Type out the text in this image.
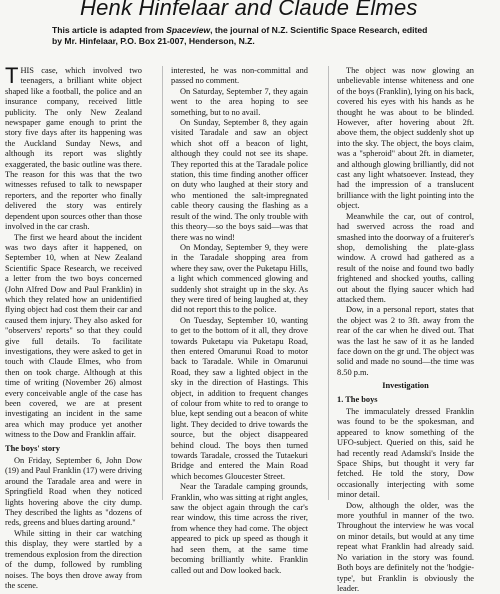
Henk Hinfelaar and Claude Elmes

This article is adapted from Spaceview, the journal of N.Z. Scientific Space Research, edited by Mr. Hinfelaar, P.O. Box 21-007, Henderson, N.Z.

THIS case, which involved two teenagers, a brilliant white object shaped like a football, the police and an insurance company, received little publicity. The only New Zealand newspaper game enough to print the story five days after its happening was the Auckland Sunday News, and although its report was slightly exaggerated, the basic outline was there. The reason for this was that the two witnesses refused to talk to newspaper reporters, and the reporter who finally delivered the story was entirely dependent upon sources other than those involved in the car crash.

The first we heard about the incident was two days after it happened, on September 10, when at New Zealand Scientific Space Research, we received a letter from the two boys concerned (John Alfred Dow and Paul Franklin) in which they related how an unidentified flying object had cost them their car and caused them injury. They also asked for "observers' reports" so that they could give full details. To facilitate investigations, they were asked to get in touch with Claude Elmes, who from then on took charge. Although at this time of writing (November 26) almost every conceivable angle of the case has been covered, we are at present investigating an incident in the same area which may produce yet another witness to the Dow and Franklin affair.

The boys' story

On Friday, September 6, John Dow (19) and Paul Franklin (17) were driving around the Taradale area and were in Springfield Road when they noticed lights hovering above the city dump. They described the lights as "dozens of reds, greens and blues darting around."

While sitting in their car watching this display, they were startled by a tremendous explosion from the direction of the dump, followed by rumbling noises. The boys then drove away from the scene.

interested, he was non-committal and passed no comment.

On Saturday, September 7, they again went to the area hoping to see something, but to no avail.

On Sunday, September 8, they again visited Taradale and saw an object which shot off a beacon of light, although they could not see its shape. They reported this at the Taradale police station, this time finding another officer on duty who laughed at their story and who mentioned the salt-impregnated cable theory causing the flashing as a result of the wind. The only trouble with this theory—so the boys said—was that there was no wind!

On Monday, September 9, they were in the Taradale shopping area from where they saw, over the Puketapu Hills, a light which commenced glowing and suddenly shot straight up in the sky. As they were tired of being laughed at, they did not report this to the police.

On Tuesday, September 10, wanting to get to the bottom of it all, they drove towards Puketapu via Puketapu Road, then entered Omarunui Road to motor back to Taradale. While in Omarunui Road, they saw a lighted object in the sky in the direction of Hastings. This object, in addition to frequent changes of colour from white to red to orange to blue, kept sending out a beacon of white light. They decided to drive towards the source, but the object disappeared behind cloud. The boys then turned towards Taradale, crossed the Tutaekuri Bridge and entered the Main Road which becomes Gloucester Street.

Near the Taradale camping grounds, Franklin, who was sitting at right angles, saw the object again through the car's rear window, this time across the river, from whence they had come. The object appeared to pick up speed as though it had seen them, at the same time becoming brilliantly white. Franklin called out and Dow looked back.

The object was now glowing an unbelievable intense whiteness and one of the boys (Franklin), lying on his back, covered his eyes with his hands as he thought he was about to be blinded. However, after hovering about 2ft. above them, the object suddenly shot up into the sky. The object, the boys claim, was a "spheroid" about 2ft. in diameter, and although glowing brilliantly, did not cast any light whatsoever. Instead, they had the impression of a translucent brilliance with the light pointing into the object.

Meanwhile the car, out of control, had swerved across the road and smashed into the doorway of a fruiterer's shop, demolishing the plate-glass window. A crowd had gathered as a result of the noise and found two badly frightened and shocked youths, calling out about the flying saucer which had attacked them.

Dow, in a personal report, states that the object was 2 to 3ft. away from the rear of the car when he dived out. That was the last he saw of it as he landed face down on the gr und. The object was solid and made no sound—the time was 8.50 p.m.

Investigation
1. The boys

The immaculately dressed Franklin was found to be the spokesman, and appeared to know something of the UFO-subject. Queried on this, said he had recently read Adamski's Inside the Space Ships, but thought it very far fetched. He told the story, Dow occasionally interjecting with some minor detail.

Dow, although the older, was the more youthful in manner of the two. Throughout the interview he was vocal on minor details, but would at any time repeat what Franklin had already said. No variation in the story was found. Both boys are definitely not the 'hodgie-type', but Franklin is obviously the leader.
